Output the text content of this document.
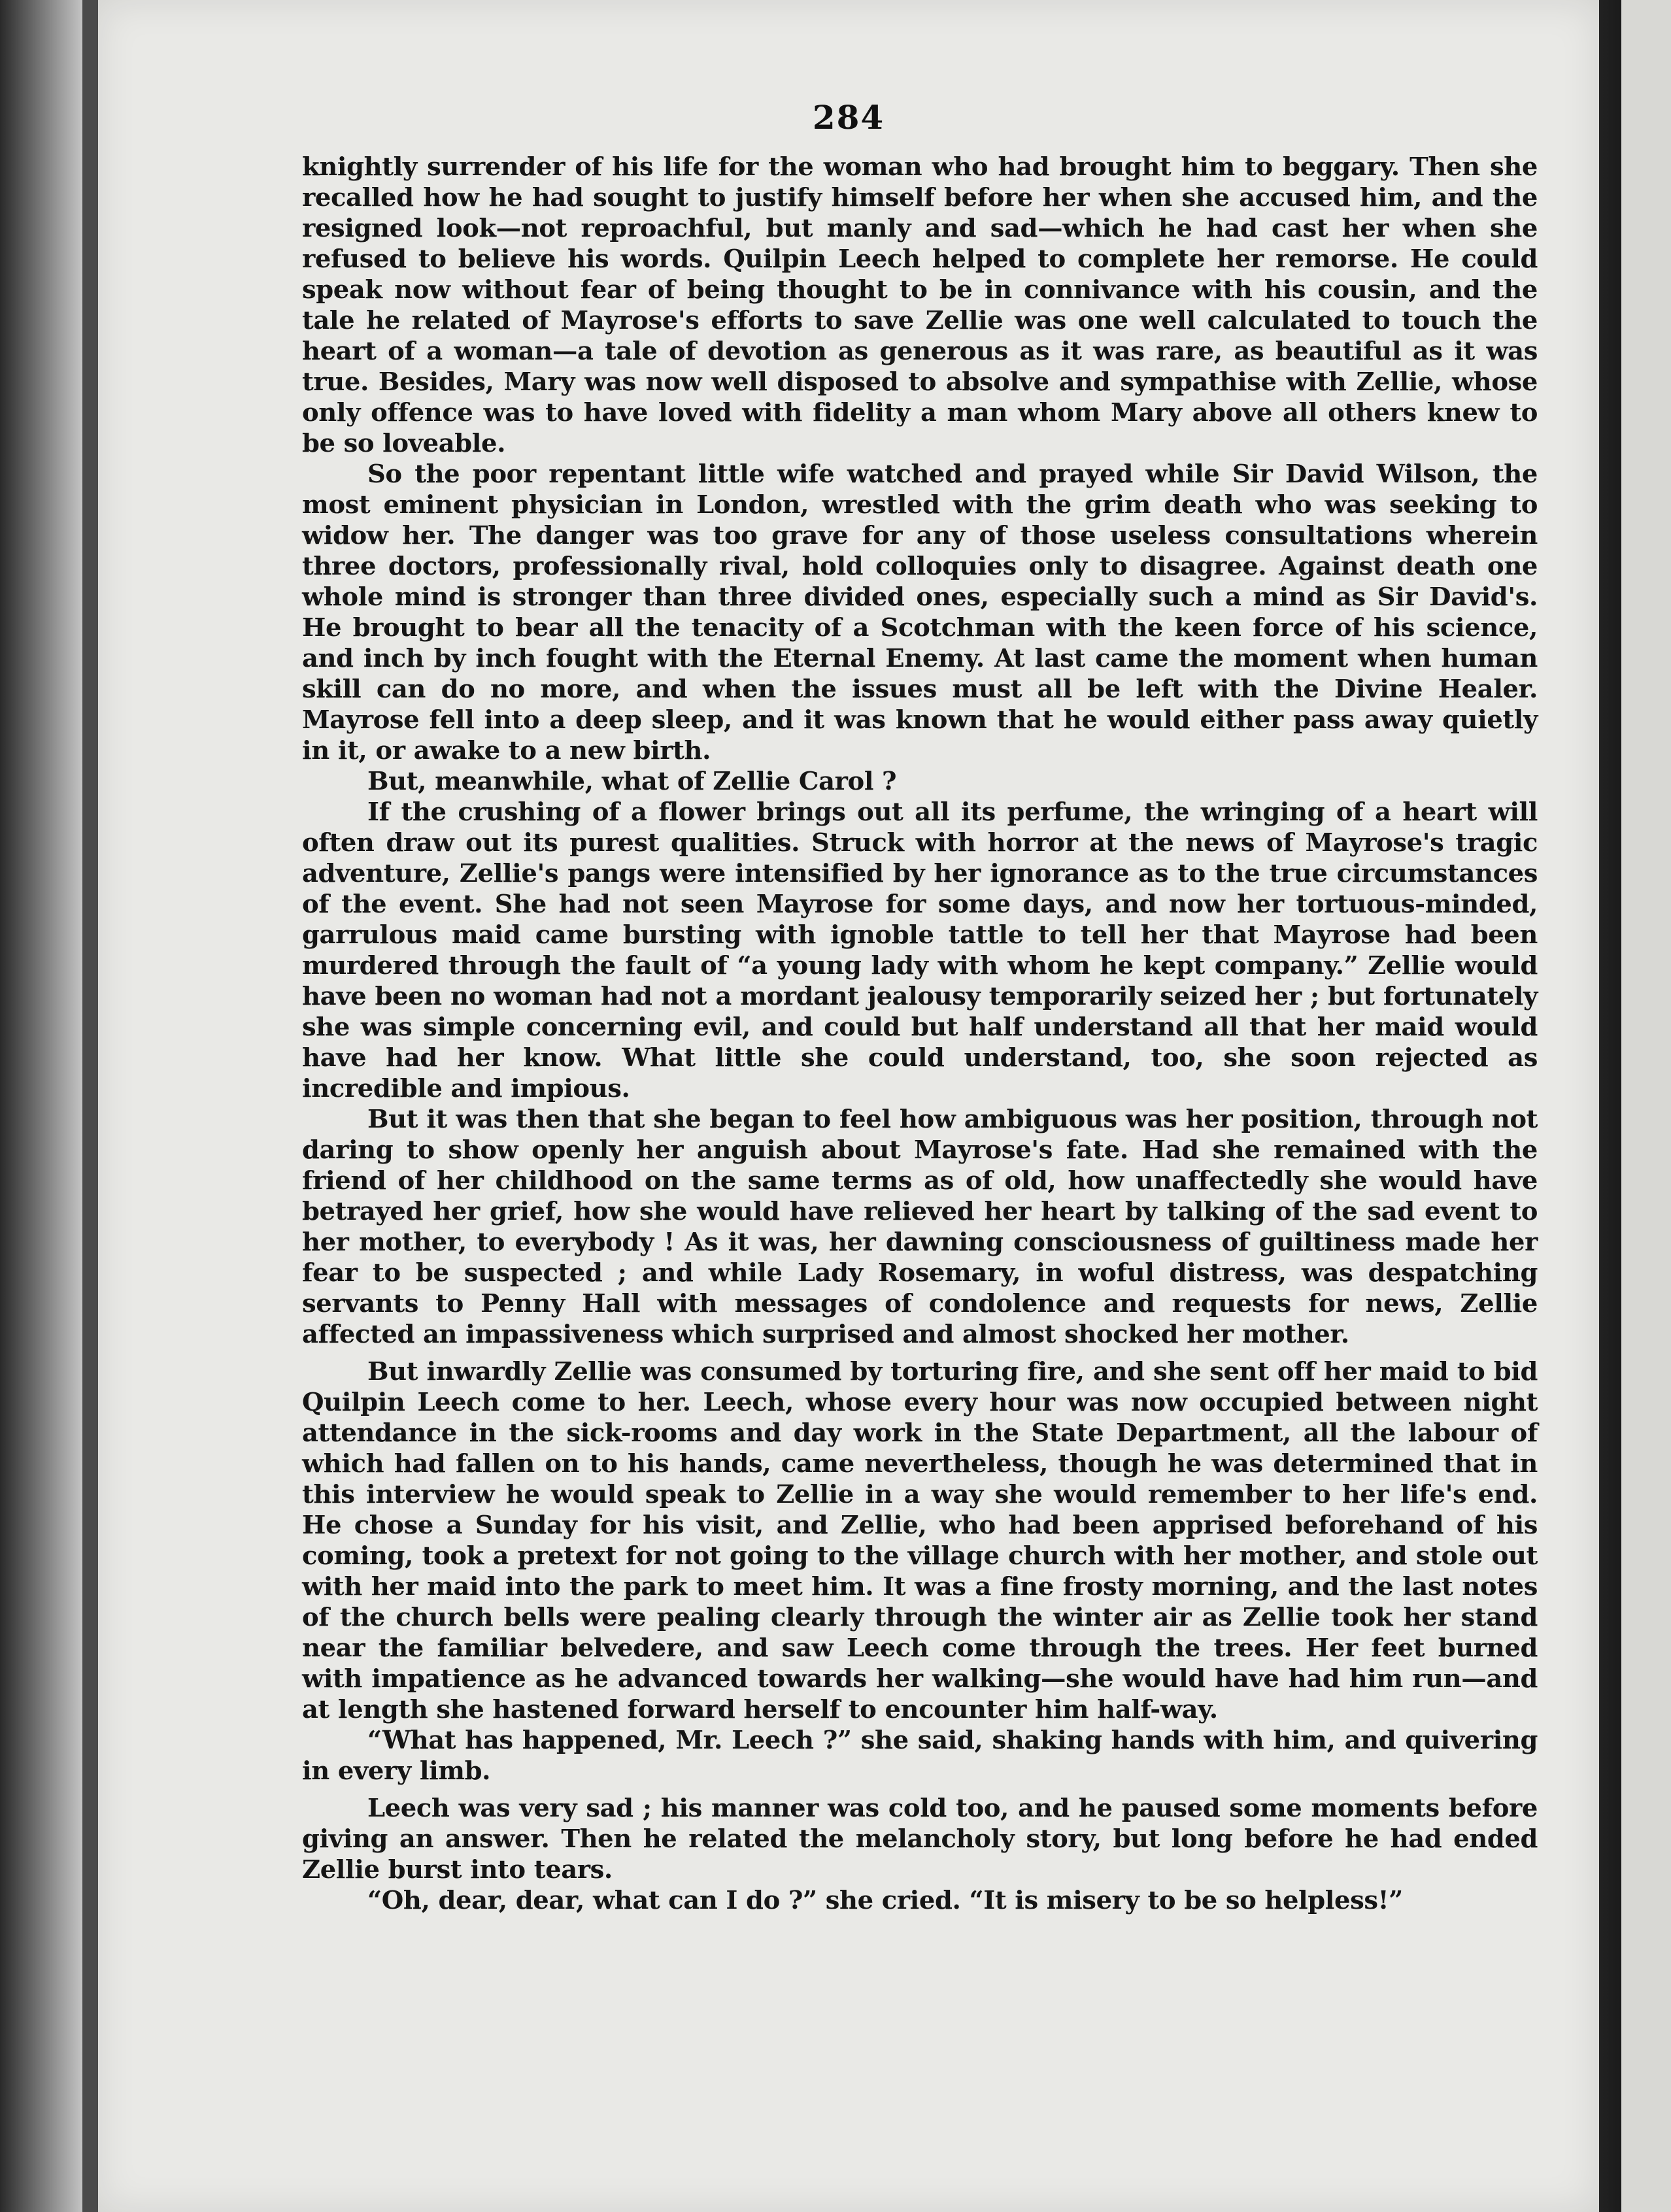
284

knightly surrender of his life for the woman who had brought him to beggary. Then she recalled how he had sought to justify himself before her when she accused him, and the resigned look—not reproachful, but manly and sad—which he had cast her when she refused to believe his words. Quilpin Leech helped to complete her remorse. He could speak now without fear of being thought to be in connivance with his cousin, and the tale he related of Mayrose's efforts to save Zellie was one well calculated to touch the heart of a woman—a tale of devotion as generous as it was rare, as beautiful as it was true. Besides, Mary was now well disposed to absolve and sympathise with Zellie, whose only offence was to have loved with fidelity a man whom Mary above all others knew to be so loveable.

So the poor repentant little wife watched and prayed while Sir David Wilson, the most eminent physician in London, wrestled with the grim death who was seeking to widow her. The danger was too grave for any of those useless consultations wherein three doctors, professionally rival, hold colloquies only to disagree. Against death one whole mind is stronger than three divided ones, especially such a mind as Sir David's. He brought to bear all the tenacity of a Scotchman with the keen force of his science, and inch by inch fought with the Eternal Enemy. At last came the moment when human skill can do no more, and when the issues must all be left with the Divine Healer. Mayrose fell into a deep sleep, and it was known that he would either pass away quietly in it, or awake to a new birth.

But, meanwhile, what of Zellie Carol ?

If the crushing of a flower brings out all its perfume, the wringing of a heart will often draw out its purest qualities. Struck with horror at the news of Mayrose's tragic adventure, Zellie's pangs were intensified by her ignorance as to the true circumstances of the event. She had not seen Mayrose for some days, and now her tortuous-minded, garrulous maid came bursting with ignoble tattle to tell her that Mayrose had been murdered through the fault of “a young lady with whom he kept company.” Zellie would have been no woman had not a mordant jealousy temporarily seized her ; but fortunately she was simple concerning evil, and could but half understand all that her maid would have had her know. What little she could understand, too, she soon rejected as incredible and impious.

But it was then that she began to feel how ambiguous was her position, through not daring to show openly her anguish about Mayrose's fate. Had she remained with the friend of her childhood on the same terms as of old, how unaffectedly she would have betrayed her grief, how she would have relieved her heart by talking of the sad event to her mother, to everybody ! As it was, her dawning consciousness of guiltiness made her fear to be suspected ; and while Lady Rosemary, in woful distress, was despatching servants to Penny Hall with messages of condolence and requests for news, Zellie affected an impassiveness which surprised and almost shocked her mother.

But inwardly Zellie was consumed by torturing fire, and she sent off her maid to bid Quilpin Leech come to her. Leech, whose every hour was now occupied between night attendance in the sick-rooms and day work in the State Department, all the labour of which had fallen on to his hands, came nevertheless, though he was determined that in this interview he would speak to Zellie in a way she would remember to her life's end. He chose a Sunday for his visit, and Zellie, who had been apprised beforehand of his coming, took a pretext for not going to the village church with her mother, and stole out with her maid into the park to meet him. It was a fine frosty morning, and the last notes of the church bells were pealing clearly through the winter air as Zellie took her stand near the familiar belvedere, and saw Leech come through the trees. Her feet burned with impatience as he advanced towards her walking—she would have had him run—and at length she hastened forward herself to encounter him half-way.

“What has happened, Mr. Leech ?” she said, shaking hands with him, and quivering in every limb.

Leech was very sad ; his manner was cold too, and he paused some moments before giving an answer. Then he related the melancholy story, but long before he had ended Zellie burst into tears.

“Oh, dear, dear, what can I do ?” she cried. “It is misery to be so helpless!”
